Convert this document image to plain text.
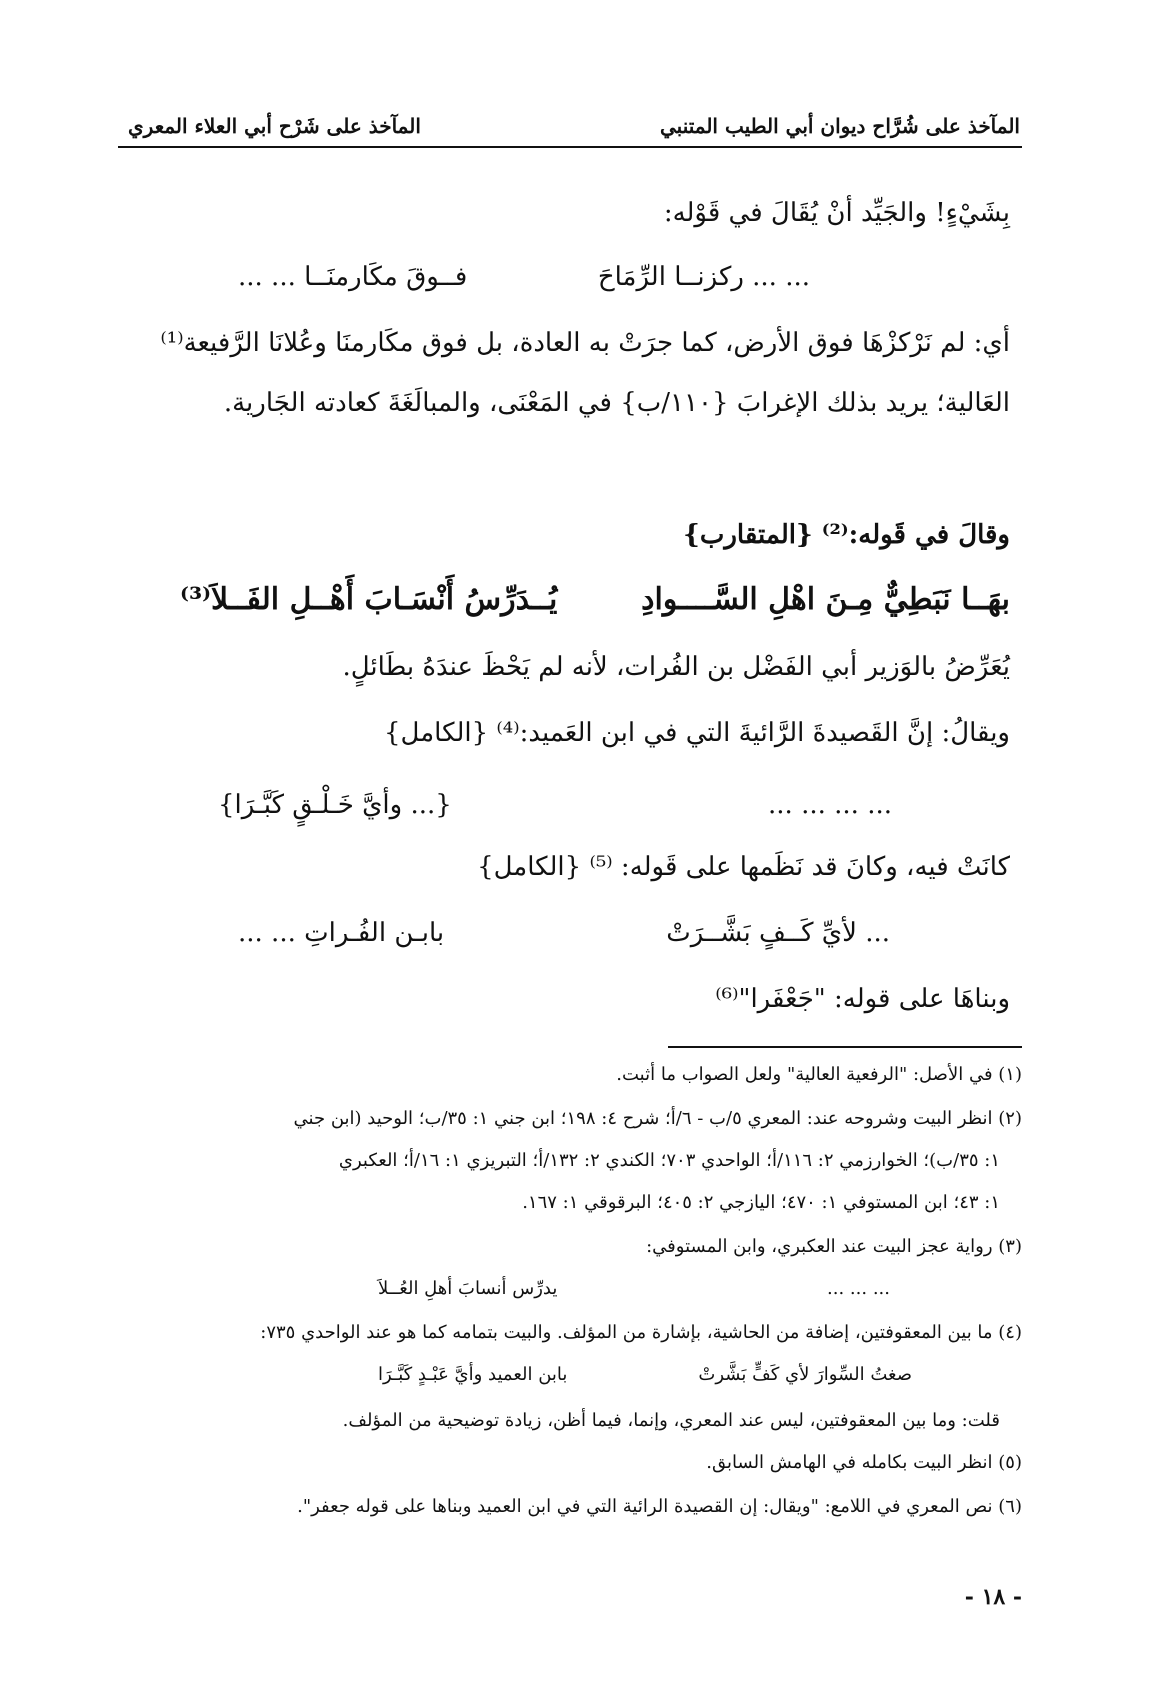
المآخذ على شُرَّاح ديوان أبي الطيب المتنبي
المآخذ على شَرْح أبي العلاء المعري
بِشَيْءٍ! والجَيِّد أنْ يُقَالَ في قَوْله:
... ... ركزنــا الرِّمَاحَ
فــوقَ مكَارمنَــا ... ...
أي: لم نَرْكزْهَا فوق الأرض، كما جرَتْ به العادة، بل فوق مكَارمنَا وعُلانَا الرَّفيعة⁽¹⁾
العَالية؛ يريد بذلك الإغرابَ {١١٠/ب} في المَعْنَى، والمبالَغَةَ كعادته الجَارية.
وقالَ في قَوله:⁽²⁾ {المتقارب}
بهَــا نَبَطِيٌّ مِـنَ اهْلِ السَّــــوادِ
يُــدَرِّسُ أَنْسَـابَ أَهْــلِ الفَــلاَ⁽³⁾
يُعَرِّضُ بالوَزير أبي الفَضْل بن الفُرات، لأنه لم يَحْظَ عندَهُ بطَائلٍ.
ويقالُ: إنَّ القَصيدةَ الرَّائيةَ التي في ابن العَميد:⁽⁴⁾ {الكامل}
... ... ... ...
{... وأيَّ خَـلْـقٍ كَبَّـرَا}
كانَتْ فيه، وكانَ قد نَظَمها على قَوله: ⁽⁵⁾ {الكامل}
... لأيِّ كَــفٍ بَشَّــرَتْ
بابـن الفُـراتِ ... ...
وبناهَا على قوله: "جَعْفَرا"⁽⁶⁾
(١) في الأصل: "الرفعية العالية" ولعل الصواب ما أثبت.
(٢) انظر البيت وشروحه عند: المعري ٥/ب - ٦/أ؛ شرح ٤: ١٩٨؛ ابن جني ١: ٣٥/ب؛ الوحيد (ابن جني
١: ٣٥/ب)؛ الخوارزمي ٢: ١١٦/أ؛ الواحدي ٧٠٣؛ الكندي ٢: ١٣٢/أ؛ التبريزي ١: ١٦/أ؛ العكبري
١: ٤٣؛ ابن المستوفي ١: ٤٧٠؛ اليازجي ٢: ٤٠٥؛ البرقوقي ١: ١٦٧.
(٣) رواية عجز البيت عند العكبري، وابن المستوفي:
... ... ...
يدرِّس أنسابَ أهلِ العُــلاَ
(٤) ما بين المعقوفتين، إضافة من الحاشية، بإشارة من المؤلف. والبيت بتمامه كما هو عند الواحدي ٧٣٥:
صغتُ السِّوارَ لأي كَفٍّ بَشَّرتْ
بابن العميد وأيَّ عَبْـدٍ كَبَّـرَا
قلت: وما بين المعقوفتين، ليس عند المعري، وإنما، فيما أظن، زيادة توضيحية من المؤلف.
(٥) انظر البيت بكامله في الهامش السابق.
(٦) نص المعري في اللامع: "ويقال: إن القصيدة الرائية التي في ابن العميد وبناها على قوله جعفر".
- ١٨ -
